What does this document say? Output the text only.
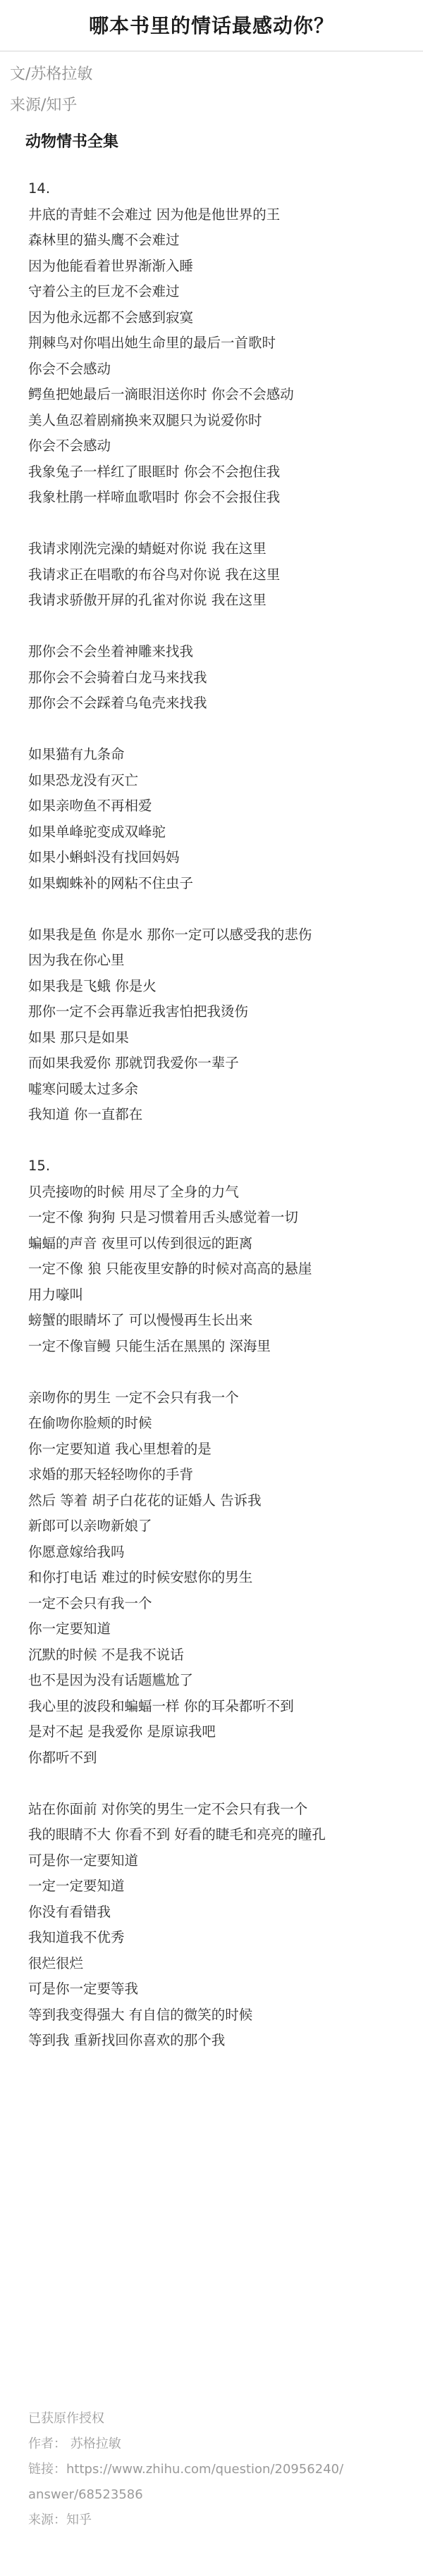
哪本书里的情话最感动你？
文/苏格拉敏
来源/知乎
动物情书全集
14.
井底的青蛙不会难过 因为他是他世界的王
森林里的猫头鹰不会难过
因为他能看着世界渐渐入睡
守着公主的巨龙不会难过
因为他永远都不会感到寂寞
荆棘鸟对你唱出她生命里的最后一首歌时
你会不会感动
鳄鱼把她最后一滴眼泪送你时 你会不会感动
美人鱼忍着剧痛换来双腿只为说爱你时
你会不会感动
我象兔子一样红了眼眶时 你会不会抱住我
我象杜鹃一样啼血歌唱时 你会不会报住我
我请求刚洗完澡的蜻蜓对你说 我在这里
我请求正在唱歌的布谷鸟对你说 我在这里
我请求骄傲开屏的孔雀对你说 我在这里
那你会不会坐着神雕来找我
那你会不会骑着白龙马来找我
那你会不会踩着乌龟壳来找我
如果猫有九条命
如果恐龙没有灭亡
如果亲吻鱼不再相爱
如果单峰驼变成双峰驼
如果小蝌蚪没有找回妈妈
如果蜘蛛补的网粘不住虫子
如果我是鱼 你是水 那你一定可以感受我的悲伤
因为我在你心里
如果我是飞蛾 你是火
那你一定不会再靠近我害怕把我烫伤
如果 那只是如果
而如果我爱你 那就罚我爱你一辈子
嘘寒问暖太过多余
我知道 你一直都在
15.
贝壳接吻的时候 用尽了全身的力气
一定不像 狗狗 只是习惯着用舌头感觉着一切
蝙蝠的声音 夜里可以传到很远的距离
一定不像 狼 只能夜里安静的时候对高高的悬崖
用力嚎叫
螃蟹的眼睛坏了 可以慢慢再生长出来
一定不像盲鳗 只能生活在黑黑的 深海里
亲吻你的男生 一定不会只有我一个
在偷吻你脸颊的时候
你一定要知道 我心里想着的是
求婚的那天轻轻吻你的手背
然后 等着 胡子白花花的证婚人 告诉我
新郎可以亲吻新娘了
你愿意嫁给我吗
和你打电话 难过的时候安慰你的男生
一定不会只有我一个
你一定要知道
沉默的时候 不是我不说话
也不是因为没有话题尴尬了
我心里的波段和蝙蝠一样 你的耳朵都听不到
是对不起 是我爱你 是原谅我吧
你都听不到
站在你面前 对你笑的男生一定不会只有我一个
我的眼睛不大 你看不到 好看的睫毛和亮亮的瞳孔
可是你一定要知道
一定一定要知道
你没有看错我
我知道我不优秀
很烂很烂
可是你一定要等我
等到我变得强大 有自信的微笑的时候
等到我 重新找回你喜欢的那个我
已获原作授权
作者： 苏格拉敏
链接：https://www.zhihu.com/question/20956240/
answer/68523586
来源：知乎
